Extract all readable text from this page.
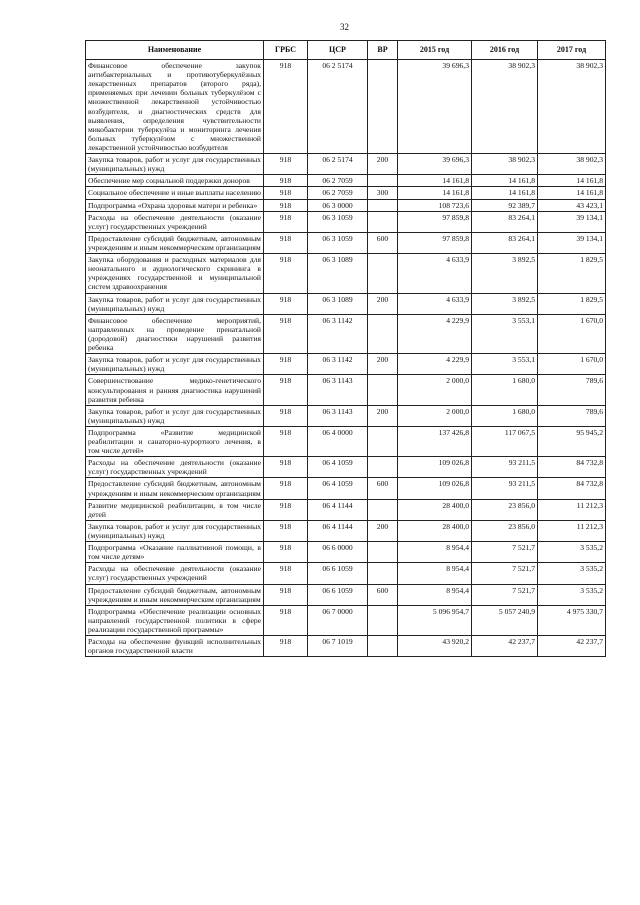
32
Наименование	ГРБС	ЦСР	ВР	2015 год	2016 год	2017 год
Финансовое обеспечение закупок антибактериальных и противотуберкулёзных лекарственных препаратов (второго ряда), применяемых при лечении больных туберкулёзом с множественной лекарственной устойчивостью возбудителя, и диагностических средств для выявления, определения чувствительности микобактерии туберкулёза и мониторинга лечения больных туберкулёзом с множественной лекарственной устойчивостью возбудителя	918	06 2 5174		39 696,3	38 902,3	38 902,3
Закупка товаров, работ и услуг для государственных (муниципальных) нужд	918	06 2 5174	200	39 696,3	38 902,3	38 902,3
Обеспечение мер социальной поддержки доноров	918	06 2 7059		14 161,8	14 161,8	14 161,8
Социальное обеспечение и иные выплаты населению	918	06 2 7059	300	14 161,8	14 161,8	14 161,8
Подпрограмма «Охрана здоровья матери и ребенка»	918	06 3 0000		108 723,6	92 389,7	43 423,1
Расходы на обеспечение деятельности (оказание услуг) государственных учреждений	918	06 3 1059		97 859,8	83 264,1	39 134,1
Предоставление субсидий бюджетным, автономным учреждениям и иным некоммерческим организациям	918	06 3 1059	600	97 859,8	83 264,1	39 134,1
Закупка оборудования и расходных материалов для неонатального и аудиологического скрининга в учреждениях государственной и муниципальной систем здравоохранения	918	06 3 1089		4 633,9	3 892,5	1 829,5
Закупка товаров, работ и услуг для государственных (муниципальных) нужд	918	06 3 1089	200	4 633,9	3 892,5	1 829,5
Финансовое обеспечение мероприятий, направленных на проведение пренатальной (дородовой) диагностики нарушений развития ребенка	918	06 3 1142		4 229,9	3 553,1	1 670,0
Закупка товаров, работ и услуг для государственных (муниципальных) нужд	918	06 3 1142	200	4 229,9	3 553,1	1 670,0
Совершенствование медико-генетического консультирования и ранняя диагностика нарушений развития ребенка	918	06 3 1143		2 000,0	1 680,0	789,6
Закупка товаров, работ и услуг для государственных (муниципальных) нужд	918	06 3 1143	200	2 000,0	1 680,0	789,6
Подпрограмма «Развитие медицинской реабилитации и санаторно-курортного лечения, в том числе детей»	918	06 4 0000		137 426,8	117 067,5	95 945,2
Расходы на обеспечение деятельности (оказание услуг) государственных учреждений	918	06 4 1059		109 026,8	93 211,5	84 732,8
Предоставление субсидий бюджетным, автономным учреждениям и иным некоммерческим организациям	918	06 4 1059	600	109 026,8	93 211,5	84 732,8
Развитие медицинской реабилитации, в том числе детей	918	06 4 1144		28 400,0	23 856,0	11 212,3
Закупка товаров, работ и услуг для государственных (муниципальных) нужд	918	06 4 1144	200	28 400,0	23 856,0	11 212,3
Подпрограмма «Оказание паллиативной помощи, в том числе детям»	918	06 6 0000		8 954,4	7 521,7	3 535,2
Расходы на обеспечение деятельности (оказание услуг) государственных учреждений	918	06 6 1059		8 954,4	7 521,7	3 535,2
Предоставление субсидий бюджетным, автономным учреждениям и иным некоммерческим организациям	918	06 6 1059	600	8 954,4	7 521,7	3 535,2
Подпрограмма «Обеспечение реализации основных направлений государственной политики в сфере реализации государственной программы»	918	06 7 0000		5 096 954,7	5 057 240,9	4 975 330,7
Расходы на обеспечение функций исполнительных органов государственной власти	918	06 7 1019		43 920,2	42 237,7	42 237,7
